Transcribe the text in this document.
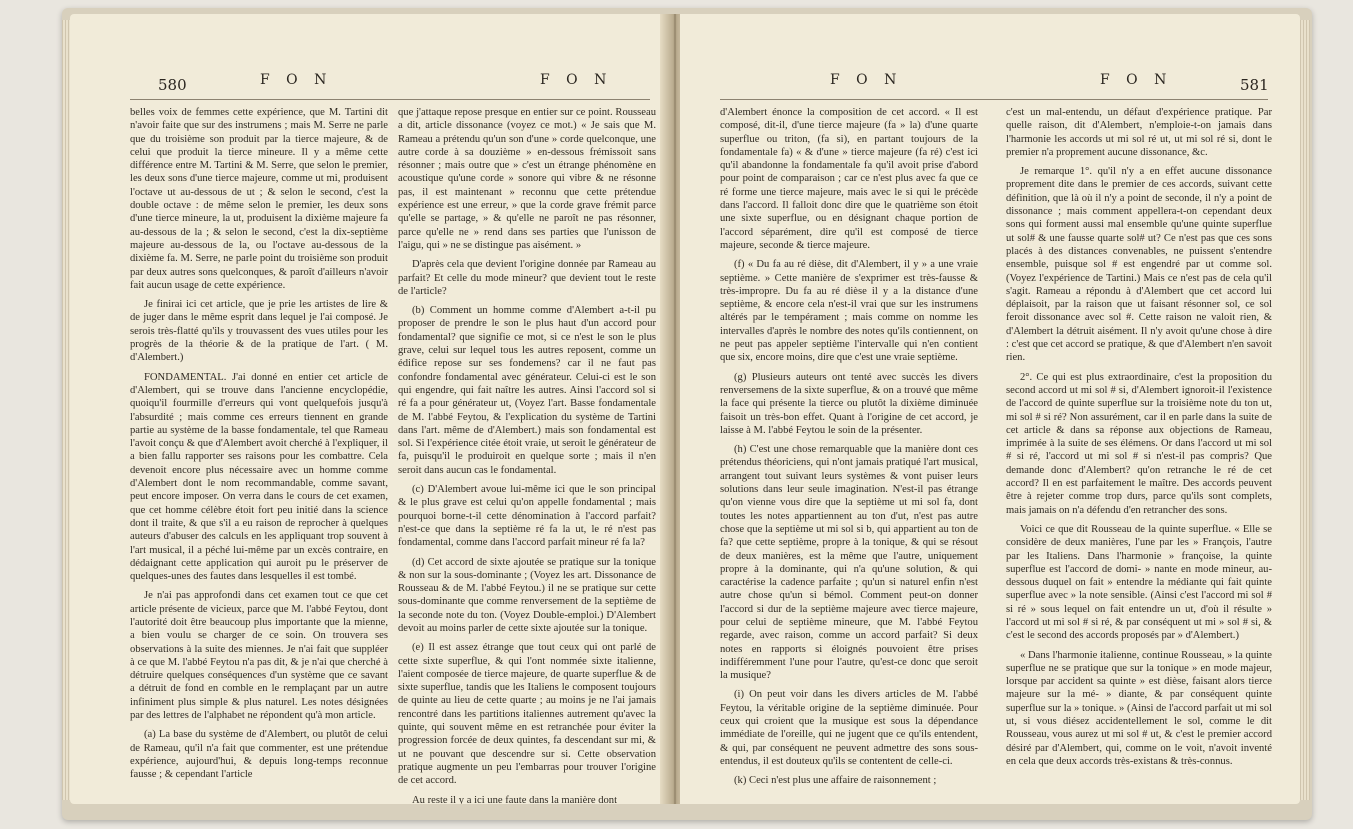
580	F O N	F O N

belles voix de femmes cette expérience, que M. Tartini dit n'avoir faite que sur des instrumens ; mais M. Serre ne parle que du troisième son produit par la tierce majeure, & de celui que produit la tierce mineure. Il y a même cette différence entre M. Tartini & M. Serre, que selon le premier, les deux sons d'une tierce majeure, comme ut mi, produisent l'octave ut au-dessous de ut ; & selon le second, c'est la double octave : de même selon le premier, les deux sons d'une tierce mineure, la ut, produisent la dixième majeure fa au-dessous de la ; & selon le second, c'est la dix-septième majeure au-dessous de la, ou l'octave au-dessous de la dixième fa. M. Serre, ne parle point du troisième son produit par deux autres sons quelconques, & paroît d'ailleurs n'avoir fait aucun usage de cette expérience.

Je finirai ici cet article, que je prie les artistes de lire & de juger dans le même esprit dans lequel je l'ai composé. Je serois très-flatté qu'ils y trouvassent des vues utiles pour les progrès de la théorie & de la pratique de l'art. ( M. d'Alembert.)

FONDAMENTAL. J'ai donné en entier cet article de d'Alembert, qui se trouve dans l'ancienne encyclopédie, quoiqu'il fourmille d'erreurs qui vont quelquefois jusqu'à l'absurdité ; mais comme ces erreurs tiennent en grande partie au système de la basse fondamentale, tel que Rameau l'avoit conçu & que d'Alembert avoit cherché à l'expliquer, il a bien fallu rapporter ses raisons pour les combattre. Cela devenoit encore plus nécessaire avec un homme comme d'Alembert dont le nom recommandable, comme savant, peut encore imposer. On verra dans le cours de cet examen, que cet homme célèbre étoit fort peu initié dans la science dont il traite, & que s'il a eu raison de reprocher à quelques auteurs d'abuser des calculs en les appliquant trop souvent à l'art musical, il a péché lui-même par un excès contraire, en dédaignant cette application qui auroit pu le préserver de quelques-unes des fautes dans lesquelles il est tombé.

Je n'ai pas approfondi dans cet examen tout ce que cet article présente de vicieux, parce que M. l'abbé Feytou, dont l'autorité doit être beaucoup plus importante que la mienne, a bien voulu se charger de ce soin. On trouvera ses observations à la suite des miennes. Je n'ai fait que suppléer à ce que M. l'abbé Feytou n'a pas dit, & je n'ai que cherché à détruire quelques conséquences d'un système que ce savant a détruit de fond en comble en le remplaçant par un autre infiniment plus simple & plus naturel. Les notes désignées par des lettres de l'alphabet ne répondent qu'à mon article.

(a) La base du système de d'Alembert, ou plutôt de celui de Rameau, qu'il n'a fait que commenter, est une prétendue expérience, aujourd'hui, & depuis long-temps reconnue fausse ; & cependant l'article

que j'attaque repose presque en entier sur ce point. Rousseau a dit, article dissonance (voyez ce mot.) « Je sais que M. Rameau a prétendu qu'un son d'une » corde quelconque, une autre corde à sa douzième » en-dessous frémissoit sans résonner ; mais outre que » c'est un étrange phénomène en acoustique qu'une corde » sonore qui vibre & ne résonne pas, il est maintenant » reconnu que cette prétendue expérience est une erreur, » que la corde grave frémit parce qu'elle se partage, » & qu'elle ne paroît ne pas résonner, parce qu'elle ne » rend dans ses parties que l'unisson de l'aigu, qui » ne se distingue pas aisément. »

D'après cela que devient l'origine donnée par Rameau au parfait? Et celle du mode mineur? que devient tout le reste de l'article?

(b) Comment un homme comme d'Alembert a-t-il pu proposer de prendre le son le plus haut d'un accord pour fondamental? que signifie ce mot, si ce n'est le son le plus grave, celui sur lequel tous les autres reposent, comme un édifice repose sur ses fondemens? car il ne faut pas confondre fondamental avec générateur. Celui-ci est le son qui engendre, qui fait naître les autres. Ainsi l'accord sol si ré fa a pour générateur ut, (Voyez l'art. Basse fondamentale de M. l'abbé Feytou, & l'explication du système de Tartini dans l'art. même de d'Alembert.) mais son fondamental est sol. Si l'expérience citée étoit vraie, ut seroit le générateur de fa, puisqu'il le produiroit en quelque sorte ; mais il n'en seroit dans aucun cas le fondamental.

(c) D'Alembert avoue lui-même ici que le son principal & le plus grave est celui qu'on appelle fondamental ; mais pourquoi borne-t-il cette dénomination à l'accord parfait? n'est-ce que dans la septième ré fa la ut, le ré n'est pas fondamental, comme dans l'accord parfait mineur ré fa la?

(d) Cet accord de sixte ajoutée se pratique sur la tonique & non sur la sous-dominante ; (Voyez les art. Dissonance de Rousseau & de M. l'abbé Feytou.) il ne se pratique sur cette sous-dominante que comme renversement de la septième de la seconde note du ton. (Voyez Double-emploi.) D'Alembert devoit au moins parler de cette sixte ajoutée sur la tonique.

(e) Il est assez étrange que tout ceux qui ont parlé de cette sixte superflue, & qui l'ont nommée sixte italienne, l'aient composée de tierce majeure, de quarte superflue & de sixte superflue, tandis que les Italiens le composent toujours de quinte au lieu de cette quarte ; au moins je ne l'ai jamais rencontré dans les partitions italiennes autrement qu'avec la quinte, qui souvent même en est retranchée pour éviter la progression forcée de deux quintes, fa descendant sur mi, & ut ne pouvant que descendre sur si. Cette observation pratique augmente un peu l'embarras pour trouver l'origine de cet accord.

Au reste il y a ici une faute dans la manière dont

F O N	F O N	581

d'Alembert énonce la composition de cet accord. « Il est composé, dit-il, d'une tierce majeure (fa » la) d'une quarte superflue ou triton, (fa si), en partant toujours de la fondamentale fa) « & d'une » tierce majeure (fa ré) c'est ici qu'il abandonne la fondamentale fa qu'il avoit prise d'abord pour point de comparaison ; car ce n'est plus avec fa que ce ré forme une tierce majeure, mais avec le si qui le précède dans l'accord. Il falloit donc dire que le quatrième son étoit une sixte superflue, ou en désignant chaque portion de l'accord séparément, dire qu'il est composé de tierce majeure, seconde & tierce majeure.

(f) « Du fa au ré dièse, dit d'Alembert, il y » a une vraie septième. » Cette manière de s'exprimer est très-fausse & très-impropre. Du fa au ré dièse il y a la distance d'une septième, & encore cela n'est-il vrai que sur les instrumens altérés par le tempérament ; mais comme on nomme les intervalles d'après le nombre des notes qu'ils contiennent, on ne peut pas appeler septième l'intervalle qui n'en contient que six, encore moins, dire que c'est une vraie septième.

(g) Plusieurs auteurs ont tenté avec succès les divers renversemens de la sixte superflue, & on a trouvé que même la face qui présente la tierce ou plutôt la dixième diminuée faisoit un très-bon effet. Quant à l'origine de cet accord, je laisse à M. l'abbé Feytou le soin de la présenter.

(h) C'est une chose remarquable que la manière dont ces prétendus théoriciens, qui n'ont jamais pratiqué l'art musical, arrangent tout suivant leurs systèmes & vont puiser leurs solutions dans leur seule imagination. N'est-il pas étrange qu'on vienne vous dire que la septième ut mi sol fa, dont toutes les notes appartiennent au ton d'ut, n'est pas autre chose que la septième ut mi sol si b, qui appartient au ton de fa? que cette septième, propre à la tonique, & qui se résout de deux manières, est la même que l'autre, uniquement propre à la dominante, qui n'a qu'une solution, & qui caractérise la cadence parfaite ; qu'un si naturel enfin n'est autre chose qu'un si bémol. Comment peut-on donner l'accord si dur de la septième majeure avec tierce majeure, pour celui de septième mineure, que M. l'abbé Feytou regarde, avec raison, comme un accord parfait? Si deux notes en rapports si éloignés pouvoient être prises indifféremment l'une pour l'autre, qu'est-ce donc que seroit la musique?

(i) On peut voir dans les divers articles de M. l'abbé Feytou, la véritable origine de la septième diminuée. Pour ceux qui croient que la musique est sous la dépendance immédiate de l'oreille, qui ne jugent que ce qu'ils entendent, & qui, par conséquent ne peuvent admettre des sons sous-entendus, il est douteux qu'ils se contentent de celle-ci.

(k) Ceci n'est plus une affaire de raisonnement ;

c'est un mal-entendu, un défaut d'expérience pratique. Par quelle raison, dit d'Alembert, n'emploie-t-on jamais dans l'harmonie les accords ut mi sol ré ut, ut mi sol ré si, dont le premier n'a proprement aucune dissonance, &c.

Je remarque 1°. qu'il n'y a en effet aucune dissonance proprement dite dans le premier de ces accords, suivant cette définition, que là où il n'y a point de seconde, il n'y a point de dissonance ; mais comment appellera-t-on cependant deux sons qui forment aussi mal ensemble qu'une quinte superflue ut sol# & une fausse quarte sol# ut? Ce n'est pas que ces sons placés à des distances convenables, ne puissent s'entendre ensemble, puisque sol # est engendré par ut comme sol. (Voyez l'expérience de Tartini.) Mais ce n'est pas de cela qu'il s'agit. Rameau a répondu à d'Alembert que cet accord lui déplaisoit, par la raison que ut faisant résonner sol, ce sol feroit dissonance avec sol #. Cette raison ne valoit rien, & d'Alembert la détruit aisément. Il n'y avoit qu'une chose à dire : c'est que cet accord se pratique, & que d'Alembert n'en savoit rien.

2°. Ce qui est plus extraordinaire, c'est la proposition du second accord ut mi sol # si, d'Alembert ignoroit-il l'existence de l'accord de quinte superflue sur la troisième note du ton ut, mi sol # si ré? Non assurément, car il en parle dans la suite de cet article & dans sa réponse aux objections de Rameau, imprimée à la suite de ses élémens. Or dans l'accord ut mi sol # si ré, l'accord ut mi sol # si n'est-il pas compris? Que demande donc d'Alembert? qu'on retranche le ré de cet accord? Il en est parfaitement le maître. Des accords peuvent être à rejeter comme trop durs, parce qu'ils sont complets, mais jamais on n'a défendu d'en retrancher des sons.

Voici ce que dit Rousseau de la quinte superflue. « Elle se considère de deux manières, l'une par les » François, l'autre par les Italiens. Dans l'harmonie » françoise, la quinte superflue est l'accord de domi- » nante en mode mineur, au-dessous duquel on fait » entendre la médiante qui fait quinte superflue avec » la note sensible. (Ainsi c'est l'accord mi sol # si ré » sous lequel on fait entendre un ut, d'où il résulte » l'accord ut mi sol # si ré, & par conséquent ut mi » sol # si, & c'est le second des accords proposés par » d'Alembert.)

« Dans l'harmonie italienne, continue Rousseau, » la quinte superflue ne se pratique que sur la tonique » en mode majeur, lorsque par accident sa quinte » est dièse, faisant alors tierce majeure sur la mé- » diante, & par conséquent quinte superflue sur la » tonique. » (Ainsi de l'accord parfait ut mi sol ut, si vous diésez accidentellement le sol, comme le dit Rousseau, vous aurez ut mi sol # ut, & c'est le premier accord désiré par d'Alembert, qui, comme on le voit, n'avoit inventé en cela que deux accords très-existans & très-connus.
